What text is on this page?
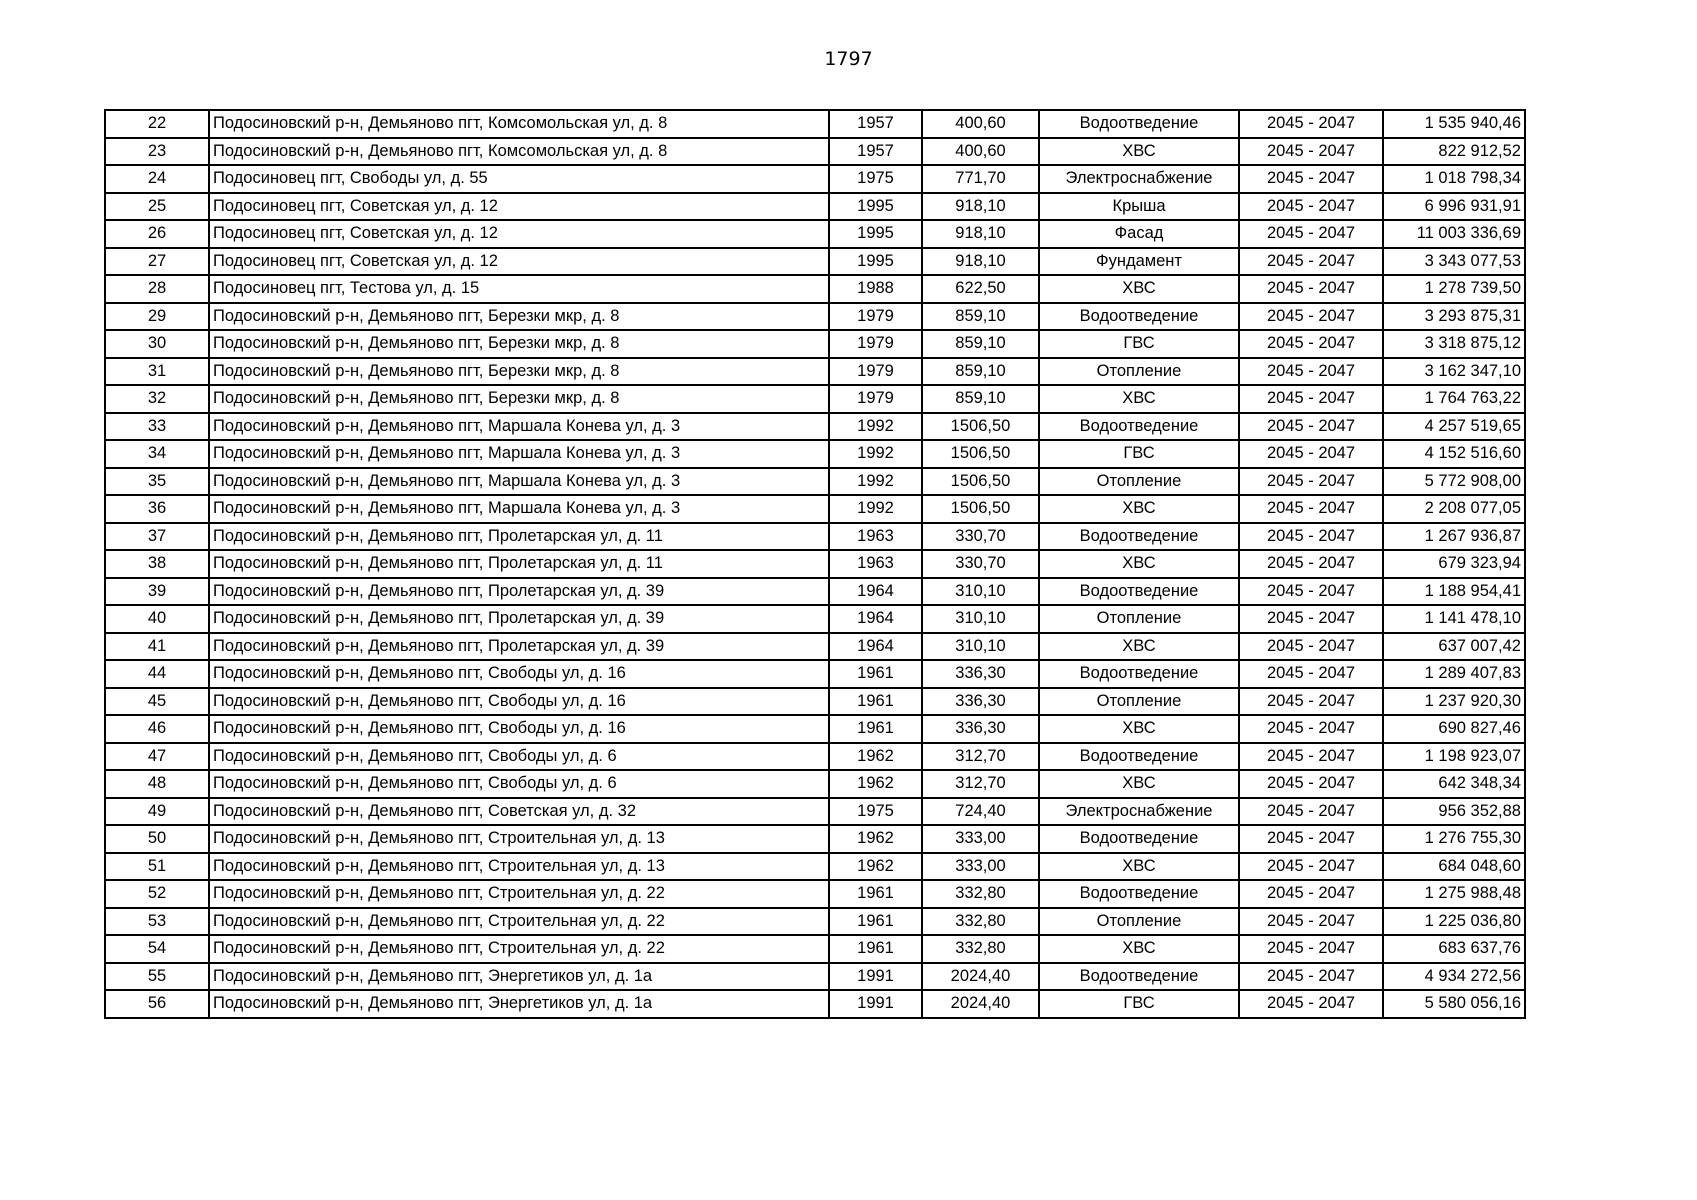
1797
22	Подосиновский р-н, Демьяново пгт, Комсомольская ул, д. 8	1957	400,60	Водоотведение	2045 - 2047	1 535 940,46
23	Подосиновский р-н, Демьяново пгт, Комсомольская ул, д. 8	1957	400,60	ХВС	2045 - 2047	822 912,52
24	Подосиновец пгт, Свободы ул, д. 55	1975	771,70	Электроснабжение	2045 - 2047	1 018 798,34
25	Подосиновец пгт, Советская ул, д. 12	1995	918,10	Крыша	2045 - 2047	6 996 931,91
26	Подосиновец пгт, Советская ул, д. 12	1995	918,10	Фасад	2045 - 2047	11 003 336,69
27	Подосиновец пгт, Советская ул, д. 12	1995	918,10	Фундамент	2045 - 2047	3 343 077,53
28	Подосиновец пгт, Тестова ул, д. 15	1988	622,50	ХВС	2045 - 2047	1 278 739,50
29	Подосиновский р-н, Демьяново пгт, Березки мкр, д. 8	1979	859,10	Водоотведение	2045 - 2047	3 293 875,31
30	Подосиновский р-н, Демьяново пгт, Березки мкр, д. 8	1979	859,10	ГВС	2045 - 2047	3 318 875,12
31	Подосиновский р-н, Демьяново пгт, Березки мкр, д. 8	1979	859,10	Отопление	2045 - 2047	3 162 347,10
32	Подосиновский р-н, Демьяново пгт, Березки мкр, д. 8	1979	859,10	ХВС	2045 - 2047	1 764 763,22
33	Подосиновский р-н, Демьяново пгт, Маршала Конева ул, д. 3	1992	1506,50	Водоотведение	2045 - 2047	4 257 519,65
34	Подосиновский р-н, Демьяново пгт, Маршала Конева ул, д. 3	1992	1506,50	ГВС	2045 - 2047	4 152 516,60
35	Подосиновский р-н, Демьяново пгт, Маршала Конева ул, д. 3	1992	1506,50	Отопление	2045 - 2047	5 772 908,00
36	Подосиновский р-н, Демьяново пгт, Маршала Конева ул, д. 3	1992	1506,50	ХВС	2045 - 2047	2 208 077,05
37	Подосиновский р-н, Демьяново пгт, Пролетарская ул, д. 11	1963	330,70	Водоотведение	2045 - 2047	1 267 936,87
38	Подосиновский р-н, Демьяново пгт, Пролетарская ул, д. 11	1963	330,70	ХВС	2045 - 2047	679 323,94
39	Подосиновский р-н, Демьяново пгт, Пролетарская ул, д. 39	1964	310,10	Водоотведение	2045 - 2047	1 188 954,41
40	Подосиновский р-н, Демьяново пгт, Пролетарская ул, д. 39	1964	310,10	Отопление	2045 - 2047	1 141 478,10
41	Подосиновский р-н, Демьяново пгт, Пролетарская ул, д. 39	1964	310,10	ХВС	2045 - 2047	637 007,42
44	Подосиновский р-н, Демьяново пгт, Свободы ул, д. 16	1961	336,30	Водоотведение	2045 - 2047	1 289 407,83
45	Подосиновский р-н, Демьяново пгт, Свободы ул, д. 16	1961	336,30	Отопление	2045 - 2047	1 237 920,30
46	Подосиновский р-н, Демьяново пгт, Свободы ул, д. 16	1961	336,30	ХВС	2045 - 2047	690 827,46
47	Подосиновский р-н, Демьяново пгт, Свободы ул, д. 6	1962	312,70	Водоотведение	2045 - 2047	1 198 923,07
48	Подосиновский р-н, Демьяново пгт, Свободы ул, д. 6	1962	312,70	ХВС	2045 - 2047	642 348,34
49	Подосиновский р-н, Демьяново пгт, Советская ул, д. 32	1975	724,40	Электроснабжение	2045 - 2047	956 352,88
50	Подосиновский р-н, Демьяново пгт, Строительная ул, д. 13	1962	333,00	Водоотведение	2045 - 2047	1 276 755,30
51	Подосиновский р-н, Демьяново пгт, Строительная ул, д. 13	1962	333,00	ХВС	2045 - 2047	684 048,60
52	Подосиновский р-н, Демьяново пгт, Строительная ул, д. 22	1961	332,80	Водоотведение	2045 - 2047	1 275 988,48
53	Подосиновский р-н, Демьяново пгт, Строительная ул, д. 22	1961	332,80	Отопление	2045 - 2047	1 225 036,80
54	Подосиновский р-н, Демьяново пгт, Строительная ул, д. 22	1961	332,80	ХВС	2045 - 2047	683 637,76
55	Подосиновский р-н, Демьяново пгт, Энергетиков ул, д. 1а	1991	2024,40	Водоотведение	2045 - 2047	4 934 272,56
56	Подосиновский р-н, Демьяново пгт, Энергетиков ул, д. 1а	1991	2024,40	ГВС	2045 - 2047	5 580 056,16
